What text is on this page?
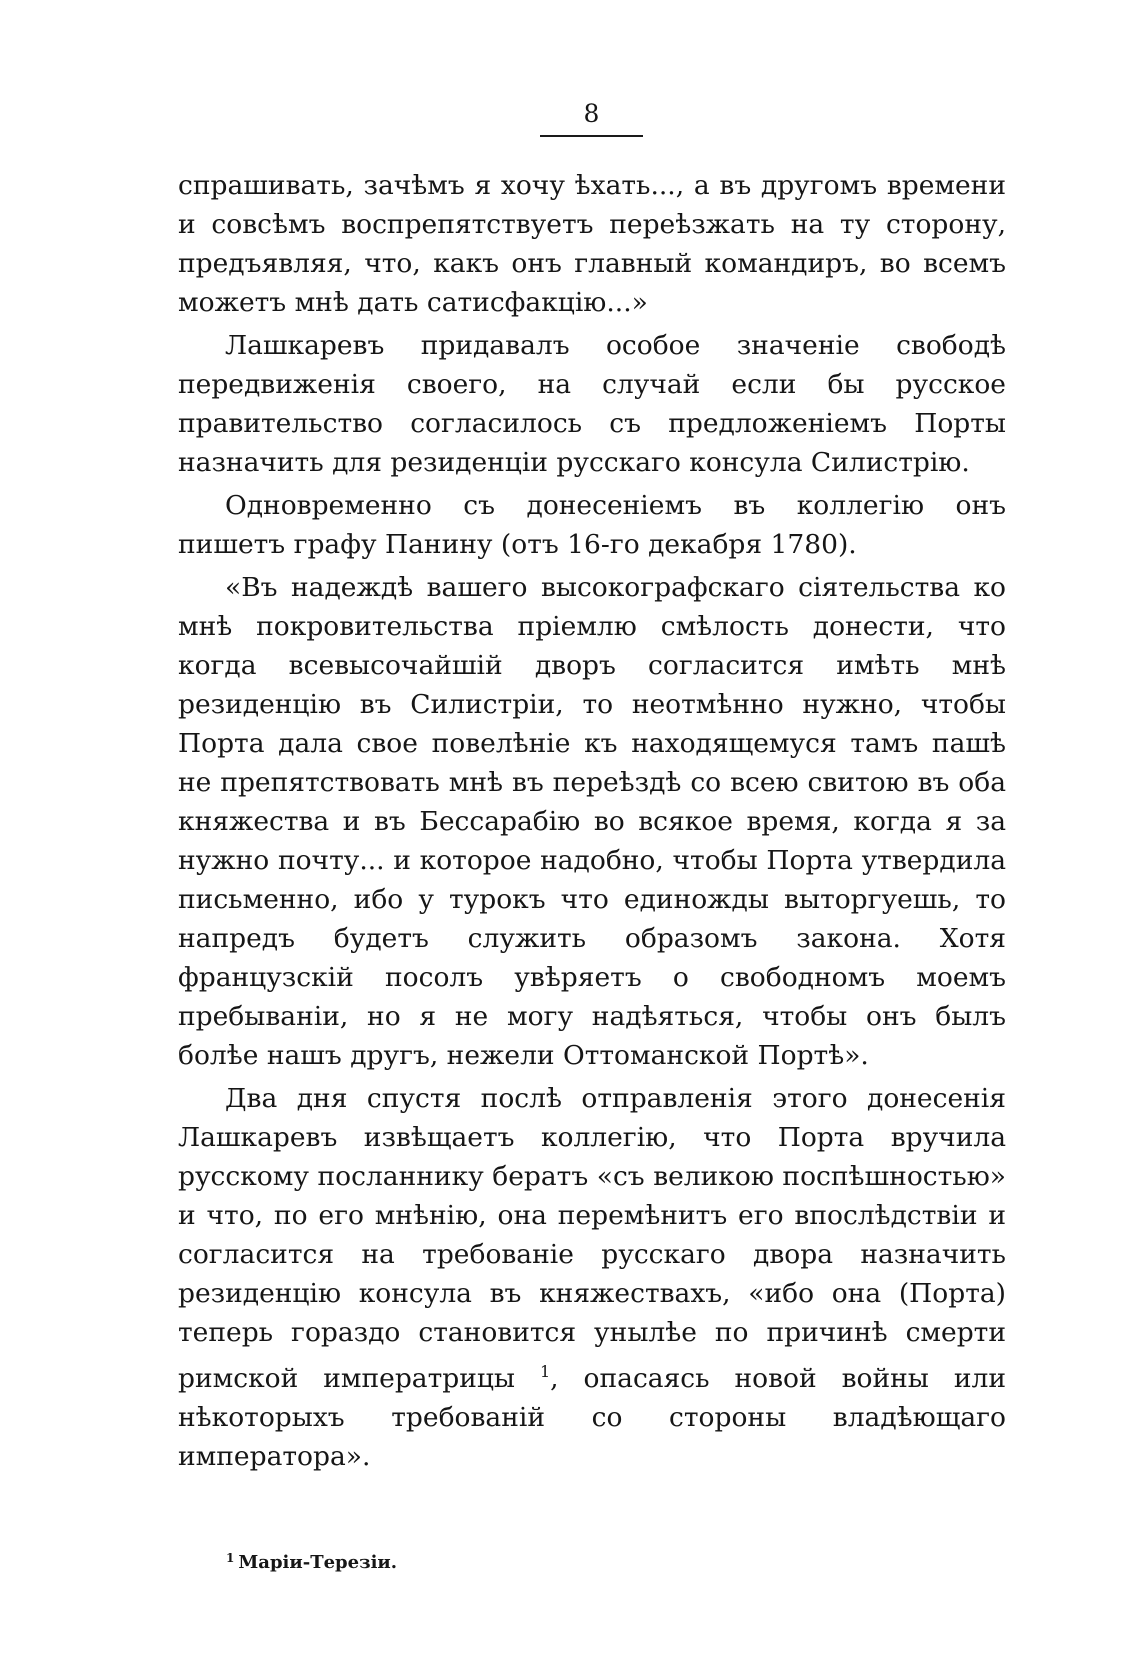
8

спрашивать, зачѣмъ я хочу ѣхать..., а въ другомъ времени и совсѣмъ воспрепятствуетъ переѣзжать на ту сторону, предъявляя, что, какъ онъ главный командиръ, во всемъ можетъ мнѣ дать сатисфакцію...»

Лашкаревъ придавалъ особое значеніе свободѣ передвиженія своего, на случай если бы русское правительство согласилось съ предложеніемъ Порты назначить для резиденціи русскаго консула Силистрію.

Одновременно съ донесеніемъ въ коллегію онъ пишетъ графу Панину (отъ 16-го декабря 1780).

«Въ надеждѣ вашего высокографскаго сіятельства ко мнѣ покровительства пріемлю смѣлость донести, что когда всевысочайшій дворъ согласится имѣть мнѣ резиденцію въ Силистріи, то неотмѣнно нужно, чтобы Порта дала свое повелѣніе къ находящемуся тамъ пашѣ не препятствовать мнѣ въ переѣздѣ со всею свитою въ оба княжества и въ Бессарабію во всякое время, когда я за нужно почту... и которое надобно, чтобы Порта утвердила письменно, ибо у турокъ что единожды выторгуешь, то напредъ будетъ служить образомъ закона. Хотя французскій посолъ увѣряетъ о свободномъ моемъ пребываніи, но я не могу надѣяться, чтобы онъ былъ болѣе нашъ другъ, нежели Оттоманской Портѣ».

Два дня спустя послѣ отправленія этого донесенія Лашкаревъ извѣщаетъ коллегію, что Порта вручила русскому посланнику бератъ «съ великою поспѣшностью» и что, по его мнѣнію, она перемѣнитъ его впослѣдствіи и согласится на требованіе русскаго двора назначить резиденцію консула въ княжествахъ, «ибо она (Порта) теперь гораздо становится унылѣе по причинѣ смерти римской императрицы $^1$, опасаясь новой войны или нѣкоторыхъ требованій со стороны владѣющаго императора».

$^1$ Маріи-Терезіи.
